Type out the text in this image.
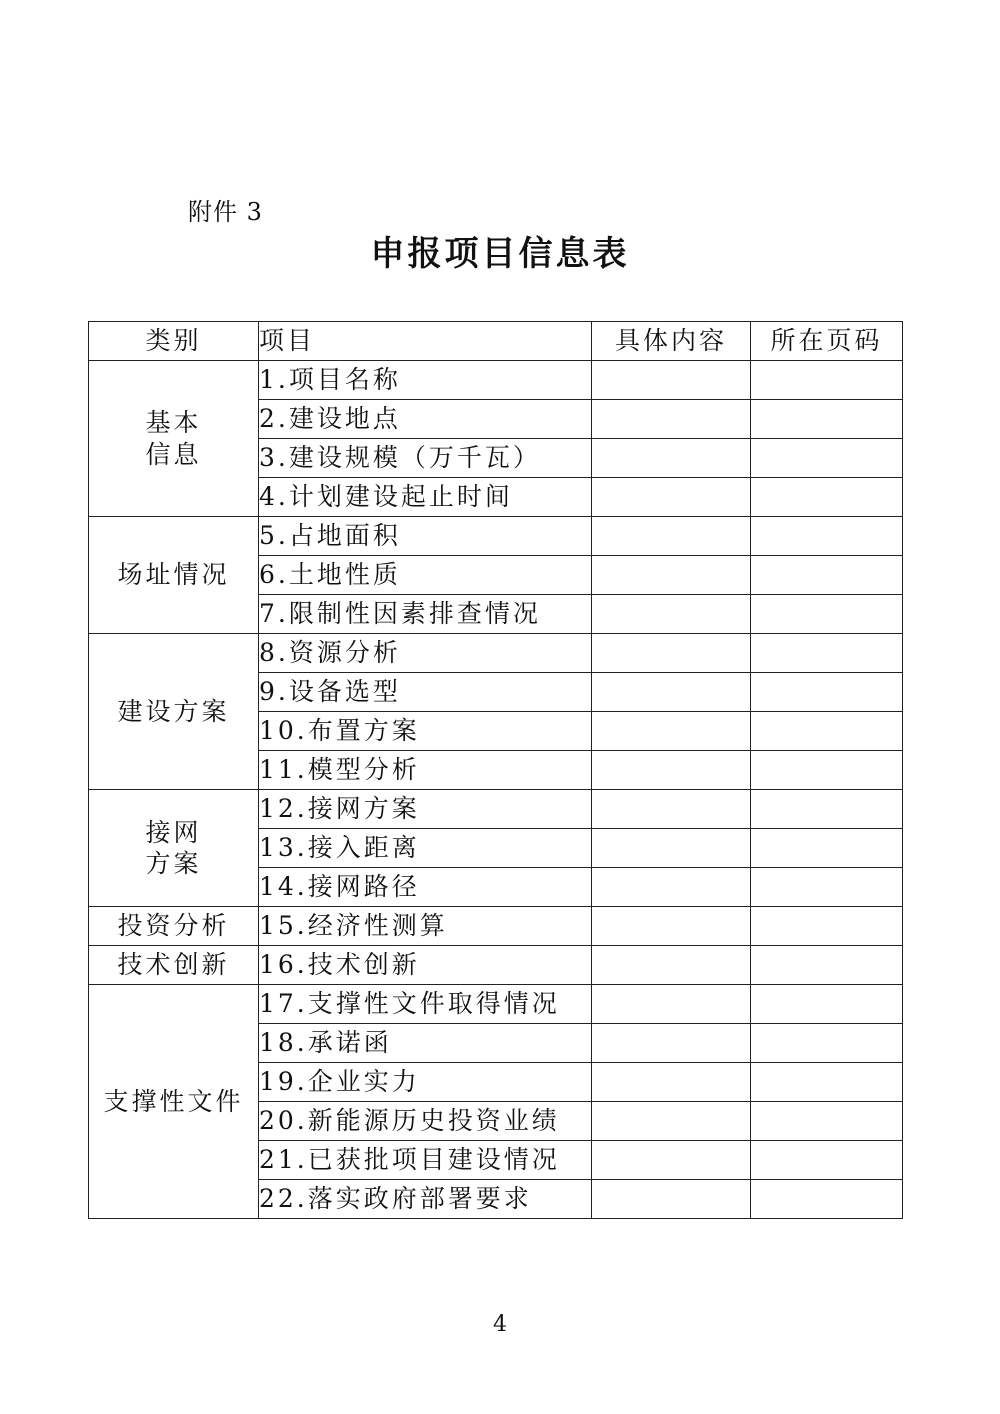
附件 3
申报项目信息表
类别	项目	具体内容	所在页码

基本
信息	1.项目名称		
	2.建设地点		
	3.建设规模（万千瓦）		
	4.计划建设起止时间		

场址情况	5.占地面积		
	6.土地性质		
	7.限制性因素排查情况		

建设方案	8.资源分析		
	9.设备选型		
	10.布置方案		
	11.模型分析		

接网
方案	12.接网方案		
	13.接入距离		
	14.接网路径		

投资分析	15.经济性测算		

技术创新	16.技术创新		

支撑性文件	17.支撑性文件取得情况		
	18.承诺函		
	19.企业实力		
	20.新能源历史投资业绩		
	21.已获批项目建设情况		
	22.落实政府部署要求		
4
